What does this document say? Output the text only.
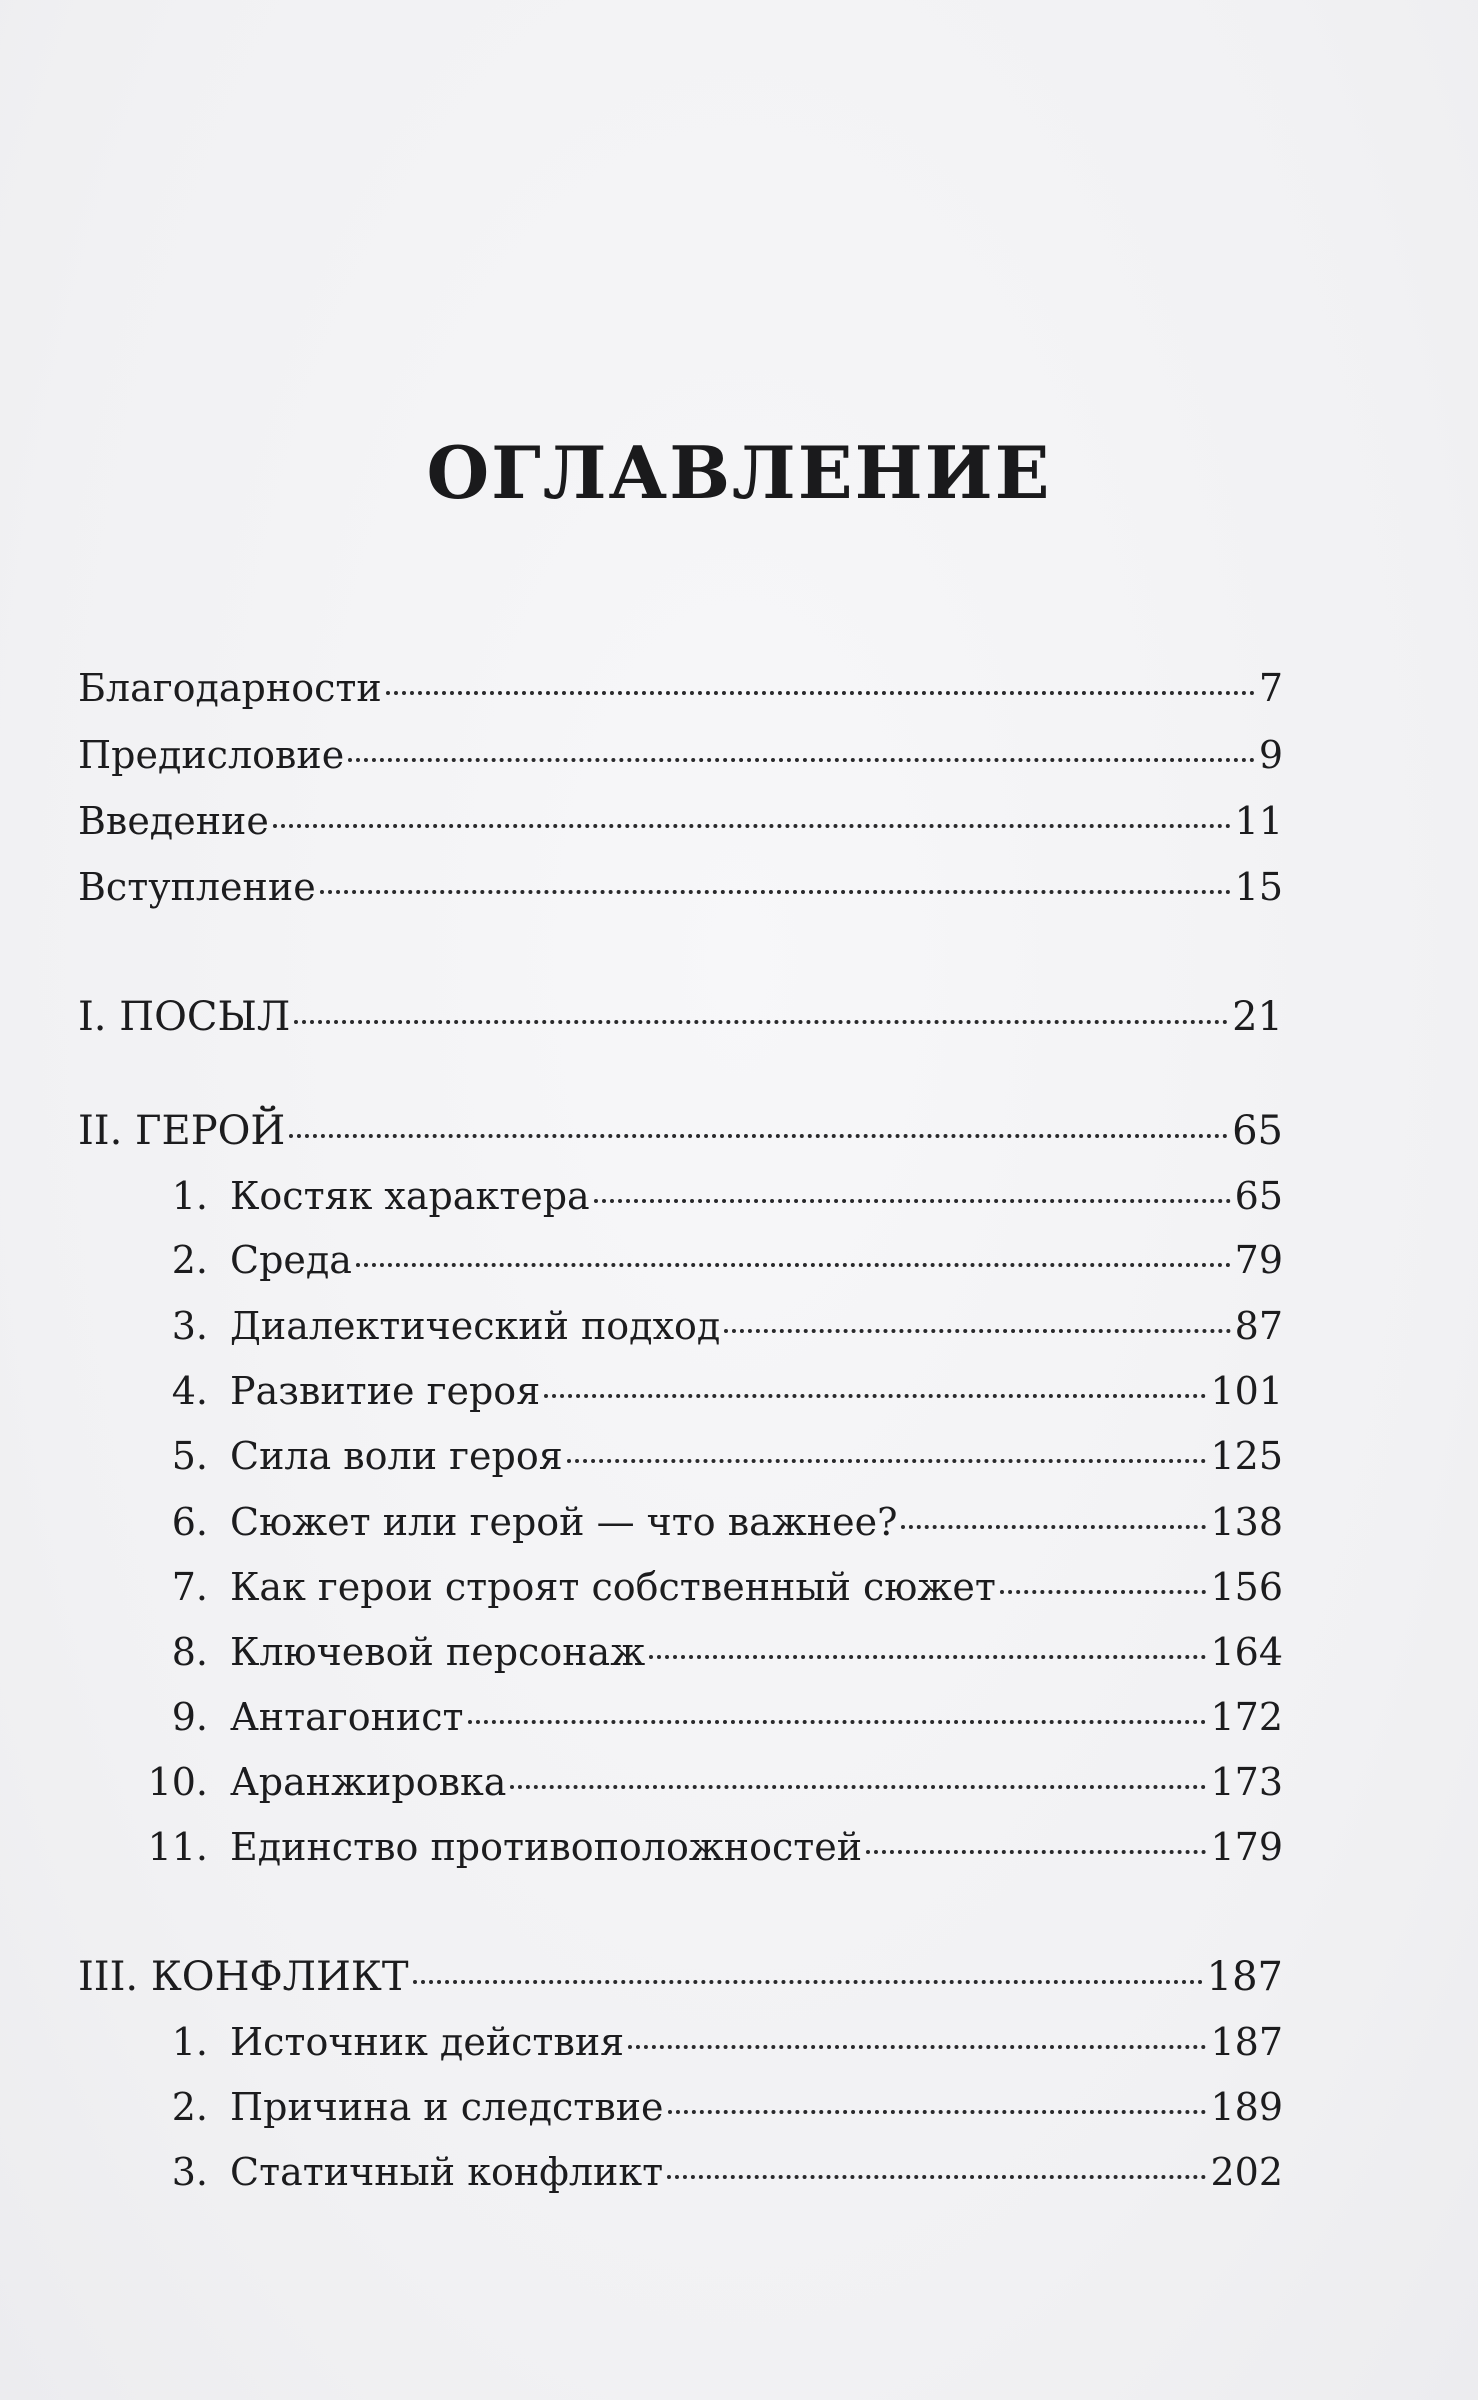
ОГЛАВЛЕНИЕ
Благодарности	7
Предисловие	9
Введение	11
Вступление	15
I. ПОСЫЛ	21
II. ГЕРОЙ	65
1. Костяк характера	65
2. Среда	79
3. Диалектический подход	87
4. Развитие героя	101
5. Сила воли героя	125
6. Сюжет или герой — что важнее?	138
7. Как герои строят собственный сюжет	156
8. Ключевой персонаж	164
9. Антагонист	172
10. Аранжировка	173
11. Единство противоположностей	179
III. КОНФЛИКТ	187
1. Источник действия	187
2. Причина и следствие	189
3. Статичный конфликт	202
